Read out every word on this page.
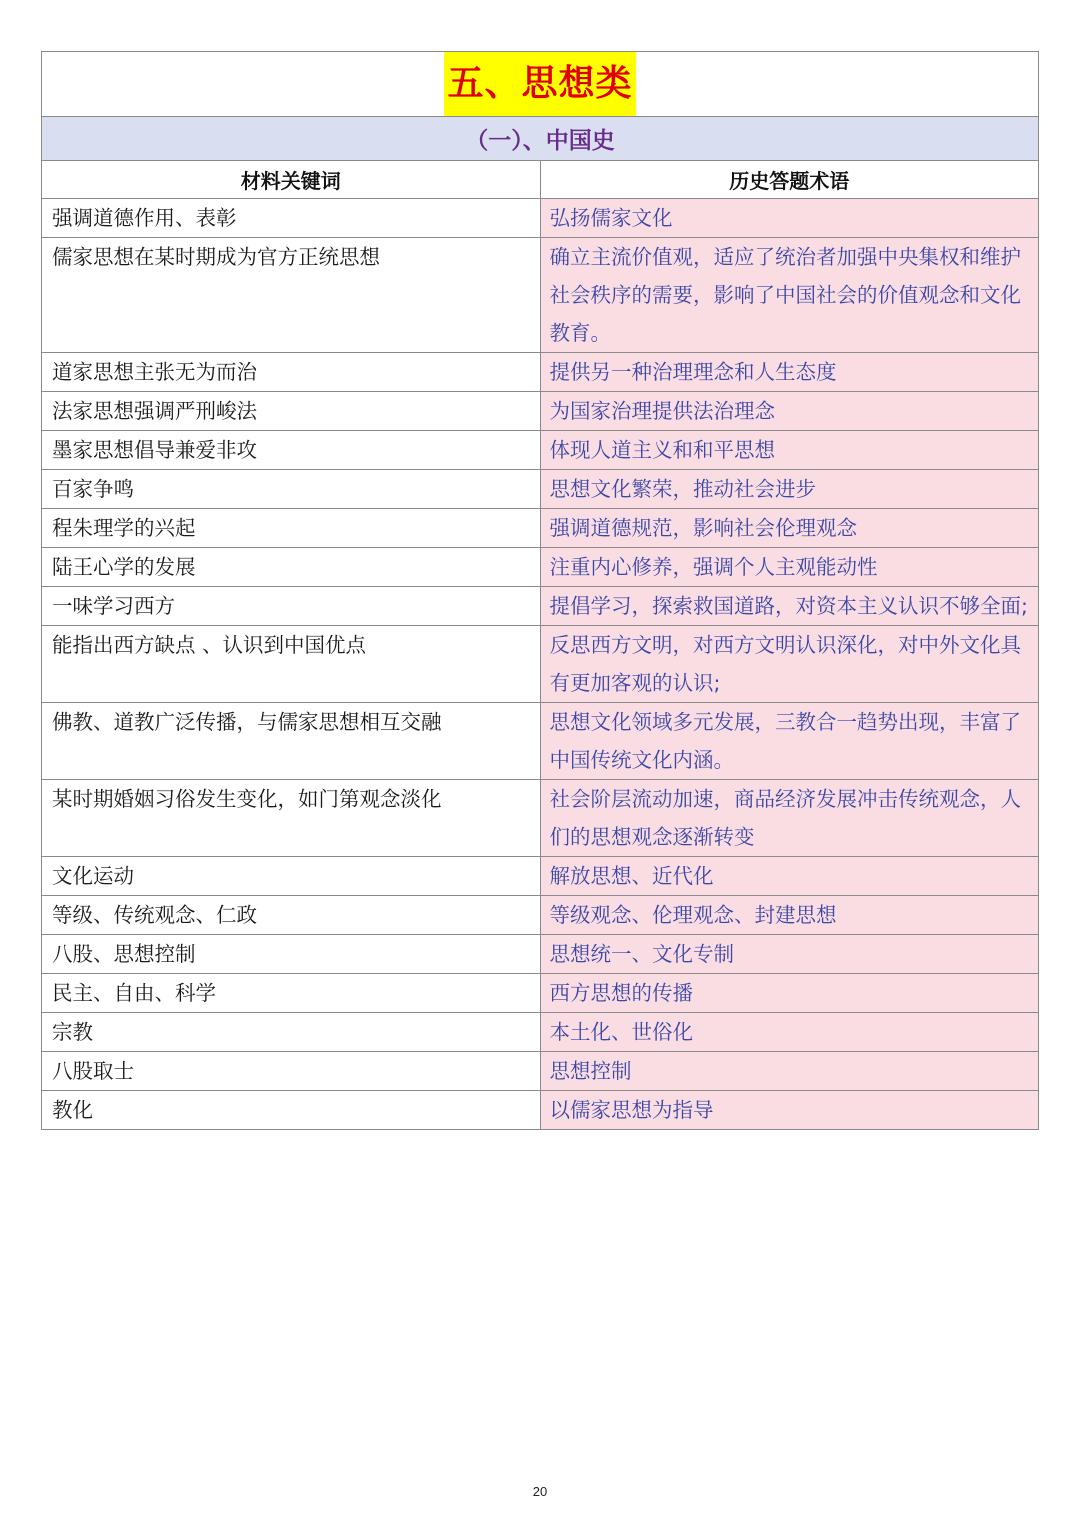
五、思想类	
（一）、中国史	
材料关键词	历史答题术语
强调道德作用、表彰	弘扬儒家文化
儒家思想在某时期成为官方正统思想	确立主流价值观，适应了统治者加强中央集权和维护社会秩序的需要，影响了中国社会的价值观念和文化教育。
道家思想主张无为而治	提供另一种治理理念和人生态度
法家思想强调严刑峻法	为国家治理提供法治理念
墨家思想倡导兼爱非攻	体现人道主义和和平思想
百家争鸣	思想文化繁荣，推动社会进步
程朱理学的兴起	强调道德规范，影响社会伦理观念
陆王心学的发展	注重内心修养，强调个人主观能动性
一味学习西方	提倡学习，探索救国道路，对资本主义认识不够全面;
能指出西方缺点 、认识到中国优点	反思西方文明，对西方文明认识深化，对中外文化具有更加客观的认识;
佛教、道教广泛传播，与儒家思想相互交融	思想文化领域多元发展，三教合一趋势出现，丰富了中国传统文化内涵。
某时期婚姻习俗发生变化，如门第观念淡化	社会阶层流动加速，商品经济发展冲击传统观念，人们的思想观念逐渐转变
文化运动	解放思想、近代化
等级、传统观念、仁政	等级观念、伦理观念、封建思想
八股、思想控制	思想统一、文化专制
民主、自由、科学	西方思想的传播
宗教	本土化、世俗化
八股取士	思想控制
教化	以儒家思想为指导
20
